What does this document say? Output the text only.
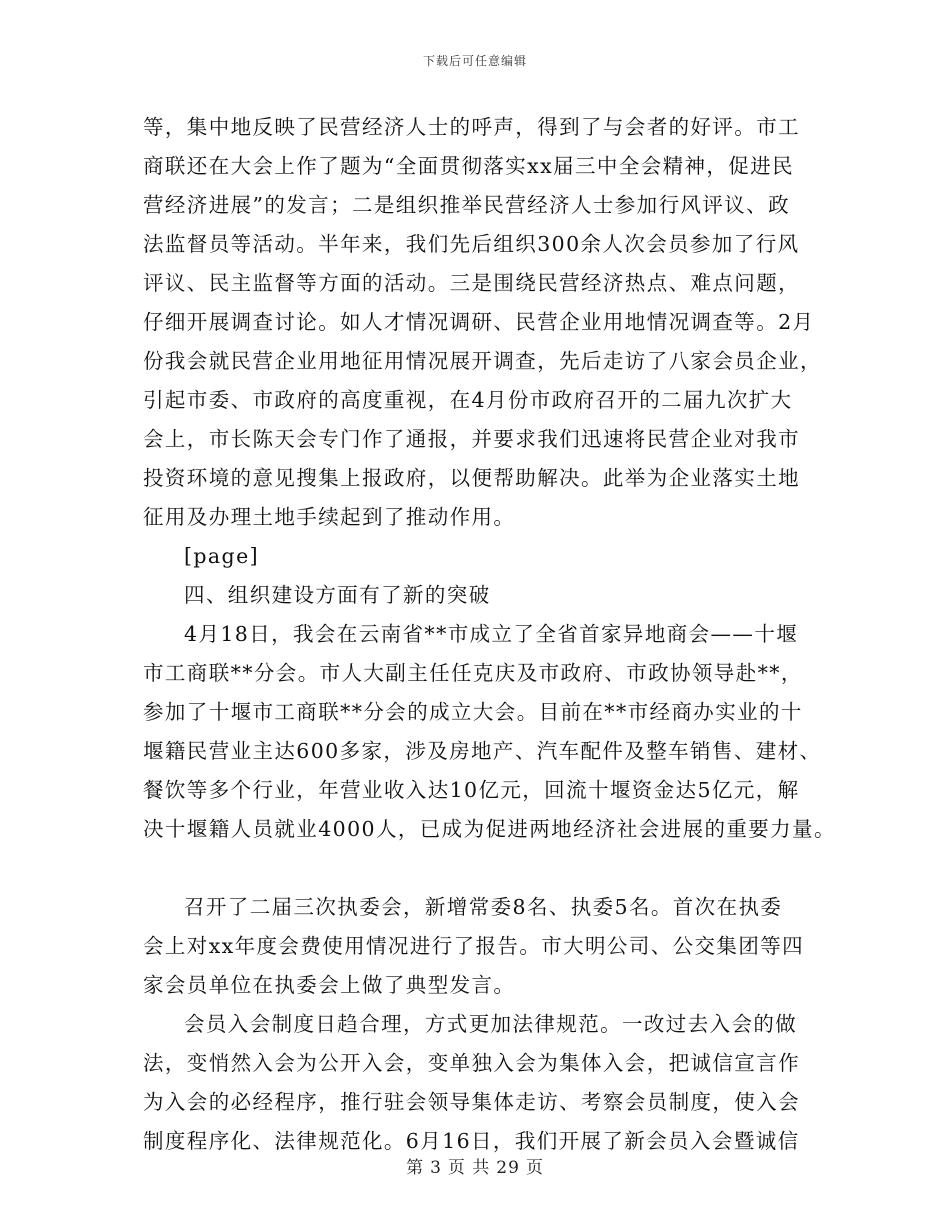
下载后可任意编辑
等，集中地反映了民营经济人士的呼声，得到了与会者的好评。市工
商联还在大会上作了题为“全面贯彻落实xx届三中全会精神，促进民
营经济进展”的发言；二是组织推举民营经济人士参加行风评议、政
法监督员等活动。半年来，我们先后组织300余人次会员参加了行风
评议、民主监督等方面的活动。三是围绕民营经济热点、难点问题，
仔细开展调查讨论。如人才情况调研、民营企业用地情况调查等。2月
份我会就民营企业用地征用情况展开调查，先后走访了八家会员企业，
引起市委、市政府的高度重视，在4月份市政府召开的二届九次扩大
会上，市长陈天会专门作了通报，并要求我们迅速将民营企业对我市
投资环境的意见搜集上报政府，以便帮助解决。此举为企业落实土地
征用及办理土地手续起到了推动作用。
[page]
四、组织建设方面有了新的突破
4月18日，我会在云南省**市成立了全省首家异地商会——十堰
市工商联**分会。市人大副主任任克庆及市政府、市政协领导赴**，
参加了十堰市工商联**分会的成立大会。目前在**市经商办实业的十
堰籍民营业主达600多家，涉及房地产、汽车配件及整车销售、建材、
餐饮等多个行业，年营业收入达10亿元，回流十堰资金达5亿元，解
决十堰籍人员就业4000人，已成为促进两地经济社会进展的重要力量。
召开了二届三次执委会，新增常委8名、执委5名。首次在执委
会上对xx年度会费使用情况进行了报告。市大明公司、公交集团等四
家会员单位在执委会上做了典型发言。
会员入会制度日趋合理，方式更加法律规范。一改过去入会的做
法，变悄然入会为公开入会，变单独入会为集体入会，把诚信宣言作
为入会的必经程序，推行驻会领导集体走访、考察会员制度，使入会
制度程序化、法律规范化。6月16日，我们开展了新会员入会暨诚信
第 3 页 共 29 页
